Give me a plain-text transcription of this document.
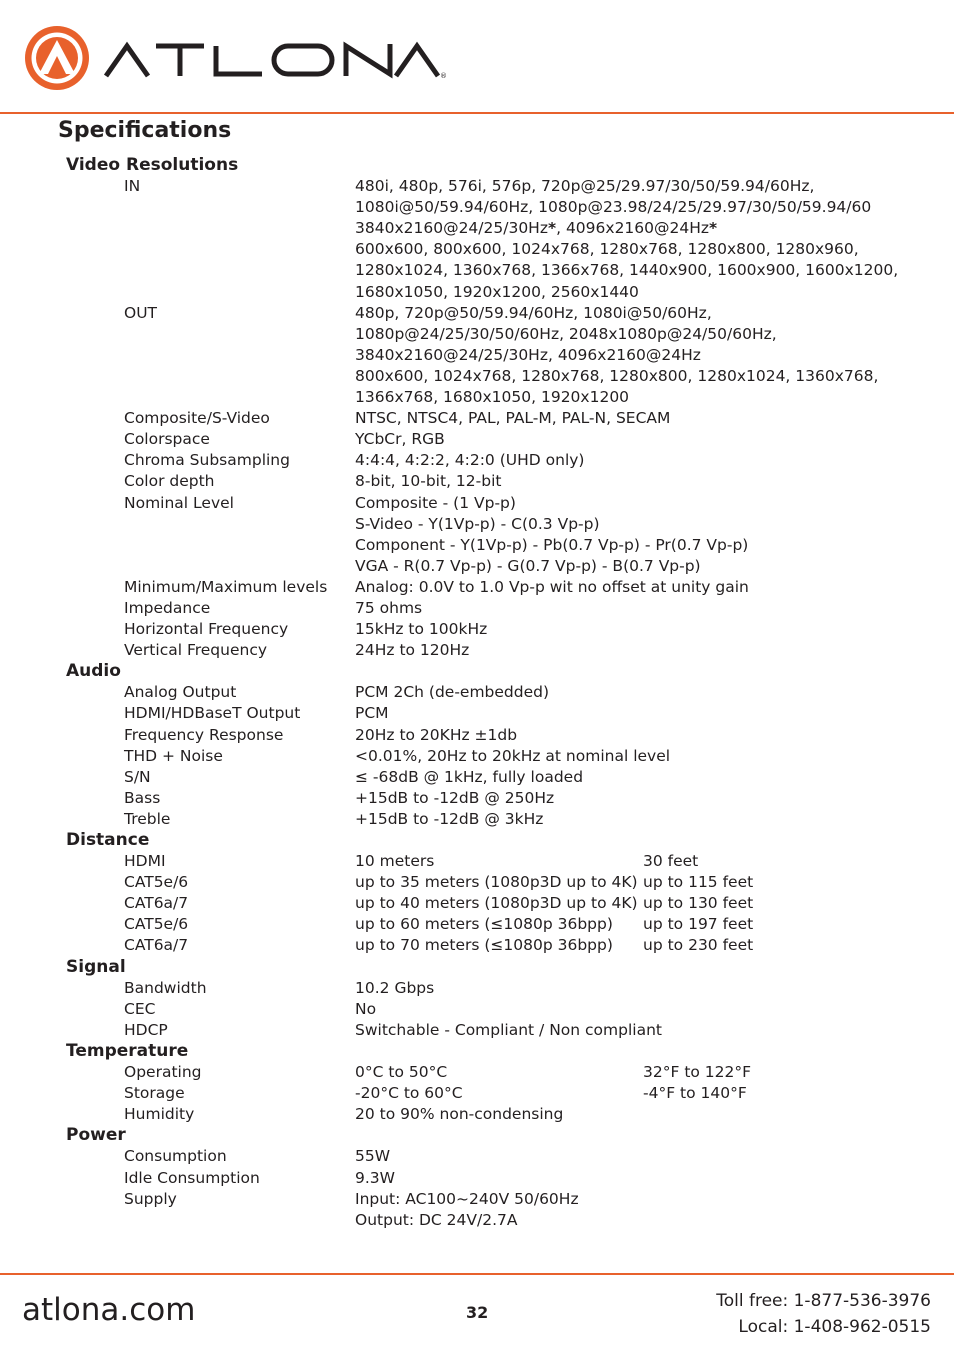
®
Specifications
Video Resolutions
IN	480i, 480p, 576i, 576p, 720p@25/29.97/30/50/59.94/60Hz,
1080i@50/59.94/60Hz, 1080p@23.98/24/25/29.97/30/50/59.94/60
3840x2160@24/25/30Hz*, 4096x2160@24Hz*
600x600, 800x600, 1024x768, 1280x768, 1280x800, 1280x960,
1280x1024, 1360x768, 1366x768, 1440x900, 1600x900, 1600x1200,
1680x1050, 1920x1200, 2560x1440
OUT	480p, 720p@50/59.94/60Hz, 1080i@50/60Hz,
1080p@24/25/30/50/60Hz, 2048x1080p@24/50/60Hz,
3840x2160@24/25/30Hz, 4096x2160@24Hz
800x600, 1024x768, 1280x768, 1280x800, 1280x1024, 1360x768,
1366x768, 1680x1050, 1920x1200
Composite/S-Video	NTSC, NTSC4, PAL, PAL-M, PAL-N, SECAM
Colorspace	YCbCr, RGB
Chroma Subsampling	4:4:4, 4:2:2, 4:2:0 (UHD only)
Color depth	8-bit, 10-bit, 12-bit
Nominal Level	Composite - (1 Vp-p)
S-Video - Y(1Vp-p) - C(0.3 Vp-p)
Component - Y(1Vp-p) - Pb(0.7 Vp-p) - Pr(0.7 Vp-p)
VGA - R(0.7 Vp-p) - G(0.7 Vp-p) - B(0.7 Vp-p)
Minimum/Maximum levels Analog: 0.0V to 1.0 Vp-p wit no offset at unity gain
Impedance	75 ohms
Horizontal Frequency	15kHz to 100kHz
Vertical Frequency	24Hz to 120Hz
Audio
Analog Output	PCM 2Ch (de-embedded)
HDMI/HDBaseT Output	PCM
Frequency Response	20Hz to 20KHz ±1db
THD + Noise	<0.01%, 20Hz to 20kHz at nominal level
S/N	≤ -68dB @ 1kHz, fully loaded
Bass	+15dB to -12dB @ 250Hz
Treble	+15dB to -12dB @ 3kHz
Distance
HDMI	10 meters	30 feet
CAT5e/6	up to 35 meters (1080p3D up to 4K) up to 115 feet
CAT6a/7	up to 40 meters (1080p3D up to 4K) up to 130 feet
CAT5e/6	up to 60 meters (≤1080p 36bpp) up to 197 feet
CAT6a/7	up to 70 meters (≤1080p 36bpp) up to 230 feet
Signal
Bandwidth	10.2 Gbps
CEC	No
HDCP	Switchable - Compliant / Non compliant
Temperature
Operating	0°C to 50°C	32°F to 122°F
Storage	-20°C to 60°C	-4°F to 140°F
Humidity	20 to 90% non-condensing
Power
Consumption	55W
Idle Consumption	9.3W
Supply	Input: AC100~240V 50/60Hz
Output: DC 24V/2.7A
atlona.com	32
Toll free: 1-877-536-3976
Local: 1-408-962-0515
